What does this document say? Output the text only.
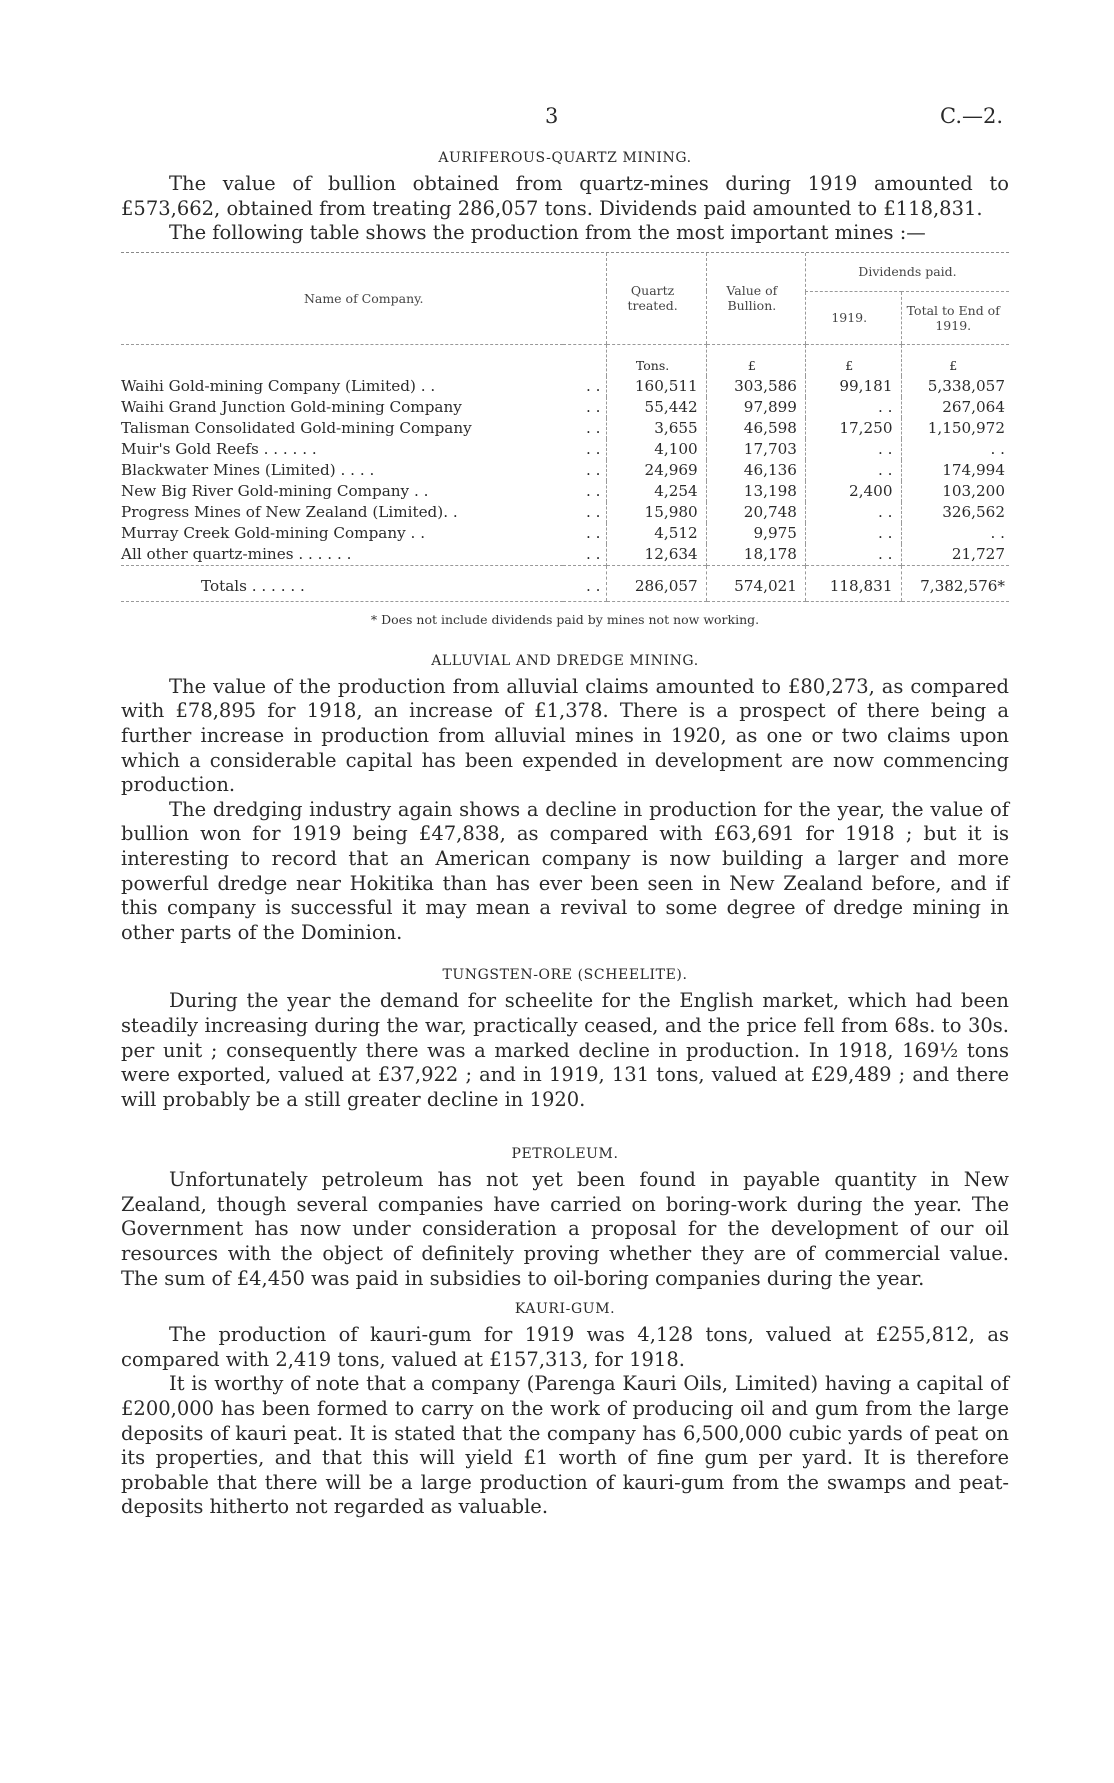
3	C.—2.
AURIFEROUS-QUARTZ MINING.

The value of bullion obtained from quartz-mines during 1919 amounted to £573,662, obtained from treating 286,057 tons. Dividends paid amounted to £118,831.

The following table shows the production from the most important mines :—

Name of Company.		Quartz treated.	Value of Bullion.	Dividends paid.	
				1919.	Total to End of 1919.
		Tons.	£	£	£
Waihi Gold-mining Company (Limited) . .	. .	160,511	303,586	99,181	5,338,057
Waihi Grand Junction Gold-mining Company	. .	55,442	97,899	. .	267,064
Talisman Consolidated Gold-mining Company	. .	3,655	46,598	17,250	1,150,972
Muir's Gold Reefs . . . . . .	. .	4,100	17,703	. .	. .
Blackwater Mines (Limited) . . . .	. .	24,969	46,136	. .	174,994
New Big River Gold-mining Company . .	. .	4,254	13,198	2,400	103,200
Progress Mines of New Zealand (Limited). .	. .	15,980	20,748	. .	326,562
Murray Creek Gold-mining Company . .	. .	4,512	9,975	. .	. .
All other quartz-mines . . . . . .	. .	12,634	18,178	. .	21,727
Totals . . . . . .	. .	286,057	574,021	118,831	7,382,576*
* Does not include dividends paid by mines not now working.
ALLUVIAL AND DREDGE MINING.

The value of the production from alluvial claims amounted to £80,273, as compared with £78,895 for 1918, an increase of £1,378. There is a prospect of there being a further increase in production from alluvial mines in 1920, as one or two claims upon which a considerable capital has been expended in development are now commencing production.

The dredging industry again shows a decline in production for the year, the value of bullion won for 1919 being £47,838, as compared with £63,691 for 1918 ; but it is interesting to record that an American company is now building a larger and more powerful dredge near Hokitika than has ever been seen in New Zealand before, and if this company is successful it may mean a revival to some degree of dredge mining in other parts of the Dominion.

TUNGSTEN-ORE (SCHEELITE).

During the year the demand for scheelite for the English market, which had been steadily increasing during the war, practically ceased, and the price fell from 68s. to 30s. per unit ; consequently there was a marked decline in production. In 1918, 169½ tons were exported, valued at £37,922 ; and in 1919, 131 tons, valued at £29,489 ; and there will probably be a still greater decline in 1920.

PETROLEUM.

Unfortunately petroleum has not yet been found in payable quantity in New Zealand, though several companies have carried on boring-work during the year. The Government has now under consideration a proposal for the development of our oil resources with the object of definitely proving whether they are of commercial value. The sum of £4,450 was paid in subsidies to oil-boring companies during the year.

KAURI-GUM.

The production of kauri-gum for 1919 was 4,128 tons, valued at £255,812, as compared with 2,419 tons, valued at £157,313, for 1918.

It is worthy of note that a company (Parenga Kauri Oils, Limited) having a capital of £200,000 has been formed to carry on the work of producing oil and gum from the large deposits of kauri peat. It is stated that the company has 6,500,000 cubic yards of peat on its properties, and that this will yield £1 worth of fine gum per yard. It is therefore probable that there will be a large production of kauri-gum from the swamps and peat-deposits hitherto not regarded as valuable.
